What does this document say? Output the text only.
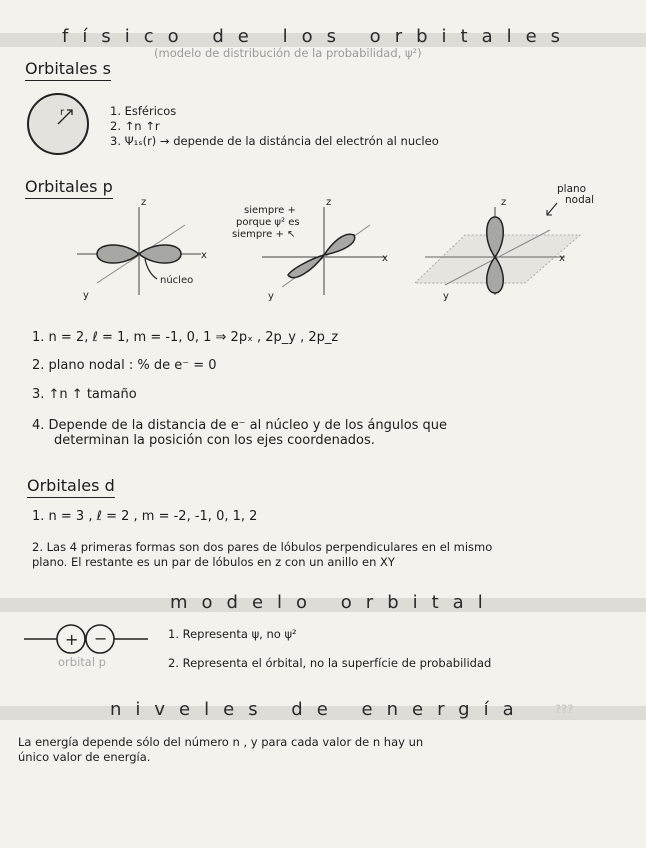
físico de los orbitales
(modelo de distribución de la probabilidad, ψ²)
Orbitales s
r	1. Esféricos
2. ↑n ↑r
3. Ψ₁ₛ(r) → depende de la distáncia del electrón al nucleo
Orbitales p
z
x
y
núcleo
z
x
y
siempre +
porque ψ² es
siempre + ↖
z
x
y
plano
nodal
1. n = 2, ℓ = 1, m = -1, 0, 1 ⇒ 2pₓ , 2p_y , 2p_z
2. plano nodal : % de e⁻ = 0
3. ↑n ↑ tamaño
4. Depende de la distancia de e⁻ al núcleo y de los ángulos que
determinan la posición con los ejes coordenados.
Orbitales d
1. n = 3 , ℓ = 2 , m = -2, -1, 0, 1, 2
2. Las 4 primeras formas son dos pares de lóbulos perpendiculares en el mismo
plano. El restante es un par de lóbulos en z con un anillo en XY
modelo orbital
+ −
orbital p
1. Representa ψ, no ψ²
2. Representa el órbital, no la superfície de probabilidad
niveles de energía ???
La energía depende sólo del número n , y para cada valor de n hay un
único valor de energía.
